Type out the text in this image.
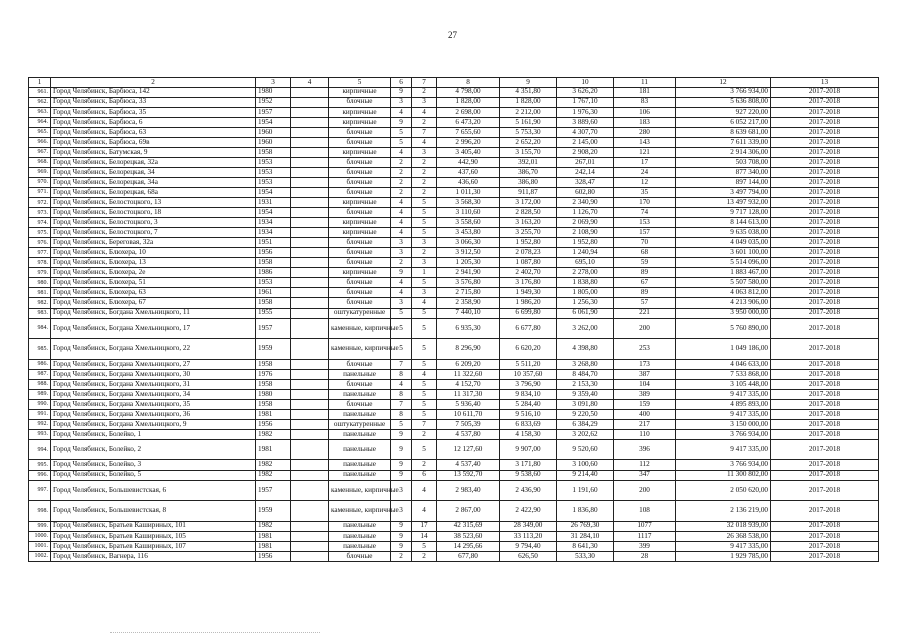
27
1	2	3	4	5	6	7	8	9	10	11	12	13
961.	Город Челябинск, Барбюса, 142	1980		кирпичные	9	2	4 798,00	4 351,80	3 626,20	181	3 766 934,00	2017-2018
962.	Город Челябинск, Барбюса, 33	1952		блочные	3	3	1 828,00	1 828,00	1 767,10	83	5 636 808,00	2017-2018
963.	Город Челябинск, Барбюса, 35	1957		кирпичные	4	4	2 698,00	2 212,00	1 976,30	106	927 220,00	2017-2018
964.	Город Челябинск, Барбюса, 6	1954		кирпичные	9	2	6 473,20	5 161,90	3 889,60	183	6 052 217,00	2017-2018
965.	Город Челябинск, Барбюса, 63	1960		блочные	5	7	7 655,60	5 753,30	4 307,70	280	8 639 681,00	2017-2018
966.	Город Челябинск, Барбюса, 69в	1960		блочные	5	4	2 996,20	2 652,20	2 145,00	143	7 611 339,00	2017-2018
967.	Город Челябинск, Батумская, 9	1958		кирпичные	4	3	3 405,40	3 155,70	2 908,20	121	2 914 306,00	2017-2018
968.	Город Челябинск, Белорецкая, 32а	1953		блочные	2	2	442,90	392,01	267,01	17	503 708,00	2017-2018
969.	Город Челябинск, Белорецкая, 34	1953		блочные	2	2	437,60	386,70	242,14	24	877 340,00	2017-2018
970.	Город Челябинск, Белорецкая, 34а	1953		блочные	2	2	436,60	386,80	328,47	12	897 144,00	2017-2018
971.	Город Челябинск, Белорецкая, 68а	1954		блочные	2	2	1 011,30	911,87	602,80	35	3 497 794,00	2017-2018
972.	Город Челябинск, Белостоцкого, 13	1931		кирпичные	4	5	3 568,30	3 172,00	2 340,90	170	13 497 932,00	2017-2018
973.	Город Челябинск, Белостоцкого, 18	1954		блочные	4	5	3 110,60	2 828,50	1 126,70	74	9 717 128,00	2017-2018
974.	Город Челябинск, Белостоцкого, 3	1934		кирпичные	4	5	3 558,60	3 163,20	2 069,90	153	8 144 613,00	2017-2018
975.	Город Челябинск, Белостоцкого, 7	1934		кирпичные	4	5	3 453,80	3 255,70	2 108,90	157	9 635 038,00	2017-2018
976.	Город Челябинск, Береговая, 32а	1951		блочные	3	3	3 066,30	1 952,80	1 952,80	70	4 049 035,00	2017-2018
977.	Город Челябинск, Блюхера, 10	1956		блочные	3	2	3 912,50	2 078,23	1 240,94	68	3 601 100,00	2017-2018
978.	Город Челябинск, Блюхера, 13	1958		блочные	2	3	1 205,30	1 087,80	695,10	59	5 514 096,00	2017-2018
979.	Город Челябинск, Блюхера, 2е	1986		кирпичные	9	1	2 941,90	2 402,70	2 278,00	89	1 883 467,00	2017-2018
980.	Город Челябинск, Блюхера, 51	1953		блочные	4	5	3 576,80	3 176,80	1 838,80	67	5 507 580,00	2017-2018
981.	Город Челябинск, Блюхера, 63	1961		блочные	4	3	2 715,80	1 949,30	1 805,00	89	4 063 812,00	2017-2018
982.	Город Челябинск, Блюхера, 67	1958		блочные	3	4	2 358,90	1 986,20	1 256,30	57	4 213 906,00	2017-2018
983.	Город Челябинск, Богдана Хмельницкого, 11	1955		оштукатуренные	5	5	7 440,10	6 699,80	6 061,90	221	3 950 000,00	2017-2018
984.	Город Челябинск, Богдана Хмельницкого, 17	1957		каменные, кирпичные	5	5	6 935,30	6 677,80	3 262,00	200	5 760 890,00	2017-2018
985.	Город Челябинск, Богдана Хмельницкого, 22	1959		каменные, кирпичные	5	5	8 296,90	6 620,20	4 398,80	253	1 049 186,00	2017-2018
986.	Город Челябинск, Богдана Хмельницкого, 27	1958		блочные	7	5	6 209,20	5 511,20	3 268,80	173	4 046 633,00	2017-2018
987.	Город Челябинск, Богдана Хмельницкого, 30	1976		панельные	8	4	11 322,60	10 357,60	8 484,70	387	7 533 868,00	2017-2018
988.	Город Челябинск, Богдана Хмельницкого, 31	1958		блочные	4	5	4 152,70	3 796,90	2 153,30	104	3 105 448,00	2017-2018
989.	Город Челябинск, Богдана Хмельницкого, 34	1980		панельные	8	5	11 317,30	9 834,10	9 359,40	389	9 417 335,00	2017-2018
990.	Город Челябинск, Богдана Хмельницкого, 35	1958		блочные	7	5	5 936,40	5 284,40	3 091,80	159	4 895 893,00	2017-2018
991.	Город Челябинск, Богдана Хмельницкого, 36	1981		панельные	8	5	10 611,70	9 516,10	9 220,50	400	9 417 335,00	2017-2018
992.	Город Челябинск, Богдана Хмельницкого, 9	1956		оштукатуренные	5	7	7 505,39	6 833,69	6 384,29	217	3 150 000,00	2017-2018
993.	Город Челябинск, Болейко, 1	1982		панельные	9	2	4 537,80	4 158,30	3 202,62	110	3 766 934,00	2017-2018
994.	Город Челябинск, Болейко, 2	1981		панельные	9	5	12 127,60	9 907,00	9 520,60	396	9 417 335,00	2017-2018
995.	Город Челябинск, Болейко, 3	1982		панельные	9	2	4 537,40	3 171,80	3 100,60	112	3 766 934,00	2017-2018
996.	Город Челябинск, Болейко, 5	1982		панельные	9	6	13 592,70	9 538,60	9 214,40	347	11 300 802,00	2017-2018
997.	Город Челябинск, Большевистская, 6	1957		каменные, кирпичные	3	4	2 983,40	2 436,90	1 191,60	200	2 050 620,00	2017-2018
998.	Город Челябинск, Большевистская, 8	1959		каменные, кирпичные	3	4	2 867,00	2 422,90	1 836,80	108	2 136 219,00	2017-2018
999.	Город Челябинск, Братьев Кашириных, 101	1982		панельные	9	17	42 315,69	28 349,00	26 769,30	1077	32 018 939,00	2017-2018
1000.	Город Челябинск, Братьев Кашириных, 105	1981		панельные	9	14	38 523,60	33 113,20	31 284,10	1117	26 368 538,00	2017-2018
1001.	Город Челябинск, Братьев Кашириных, 107	1981		панельные	9	5	14 295,66	9 794,40	8 641,30	399	9 417 335,00	2017-2018
1002.	Город Челябинск, Вагнера, 116	1956		блочные	2	2	677,80	626,50	533,30	28	1 929 785,00	2017-2018
